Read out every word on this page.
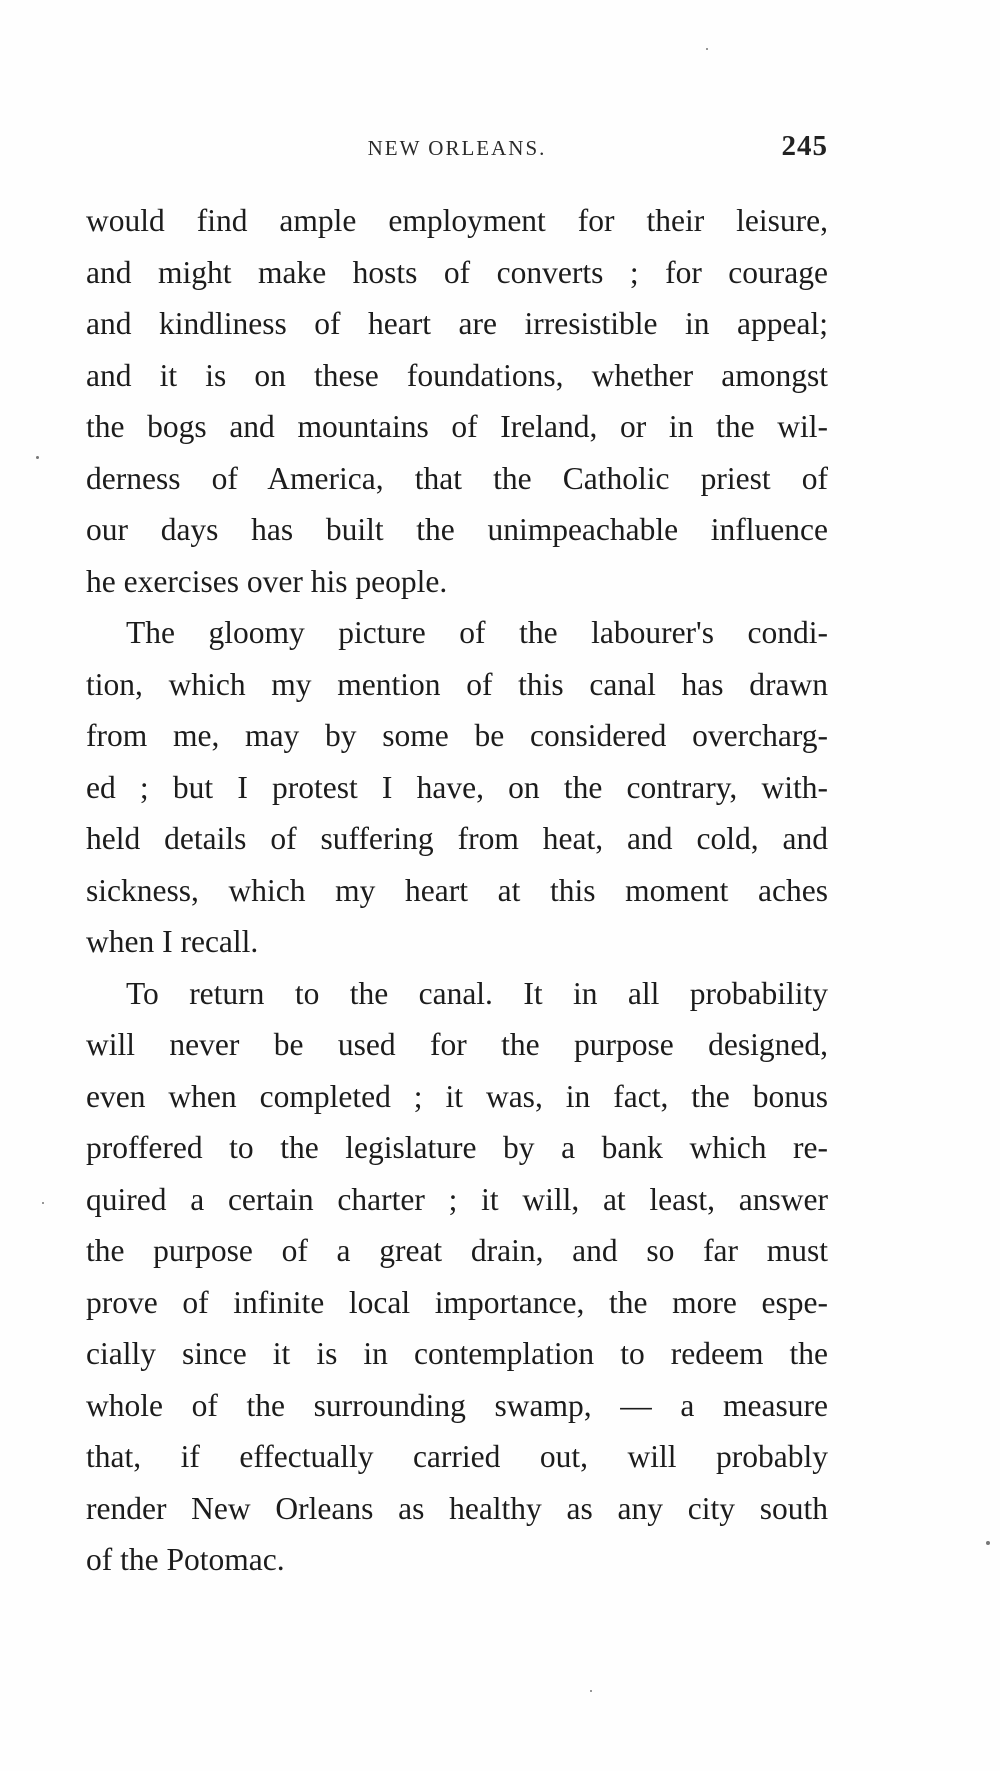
NEW ORLEANS.	245
would find ample employment for their leisure,
and might make hosts of converts ; for courage
and kindliness of heart are irresistible in appeal;
and it is on these foundations, whether amongst
the bogs and mountains of Ireland, or in the wil-
derness of America, that the Catholic priest of
our days has built the unimpeachable influence
he exercises over his people.
The gloomy picture of the labourer's condi-
tion, which my mention of this canal has drawn
from me, may by some be considered overcharg-
ed ; but I protest I have, on the contrary, with-
held details of suffering from heat, and cold, and
sickness, which my heart at this moment aches
when I recall.
To return to the canal. It in all probability
will never be used for the purpose designed,
even when completed ; it was, in fact, the bonus
proffered to the legislature by a bank which re-
quired a certain charter ; it will, at least, answer
the purpose of a great drain, and so far must
prove of infinite local importance, the more espe-
cially since it is in contemplation to redeem the
whole of the surrounding swamp, — a measure
that, if effectually carried out, will probably
render New Orleans as healthy as any city south
of the Potomac.
